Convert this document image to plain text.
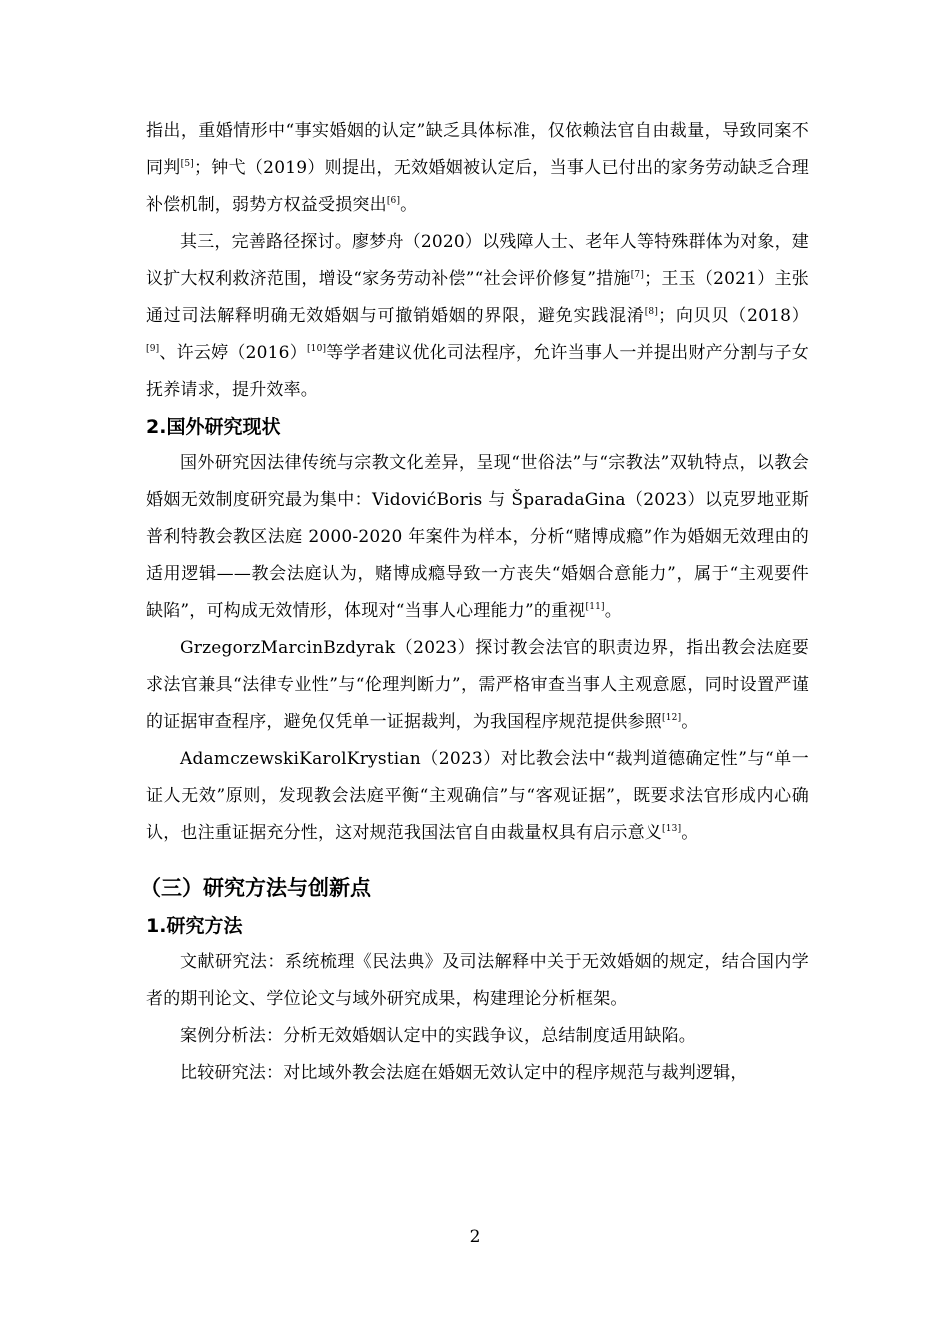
指出，重婚情形中“事实婚姻的认定”缺乏具体标准，仅依赖法官自由裁量，导致同案不同判[5]；钟弋（2019）则提出，无效婚姻被认定后，当事人已付出的家务劳动缺乏合理补偿机制，弱势方权益受损突出[6]。

其三，完善路径探讨。廖梦舟（2020）以残障人士、老年人等特殊群体为对象，建议扩大权利救济范围，增设“家务劳动补偿”“社会评价修复”措施[7]；王玉（2021）主张通过司法解释明确无效婚姻与可撤销婚姻的界限，避免实践混淆[8]；向贝贝（2018）[9]、许云婷（2016）[10]等学者建议优化司法程序，允许当事人一并提出财产分割与子女抚养请求，提升效率。

2.国外研究现状

国外研究因法律传统与宗教文化差异，呈现“世俗法”与“宗教法”双轨特点，以教会婚姻无效制度研究最为集中：VidovićBoris 与 ŠparadaGina（2023）以克罗地亚斯普利特教会教区法庭 2000-2020 年案件为样本，分析“赌博成瘾”作为婚姻无效理由的适用逻辑——教会法庭认为，赌博成瘾导致一方丧失“婚姻合意能力”，属于“主观要件缺陷”，可构成无效情形，体现对“当事人心理能力”的重视[11]。

GrzegorzMarcinBzdyrak（2023）探讨教会法官的职责边界，指出教会法庭要求法官兼具“法律专业性”与“伦理判断力”，需严格审查当事人主观意愿，同时设置严谨的证据审查程序，避免仅凭单一证据裁判，为我国程序规范提供参照[12]。

AdamczewskiKarolKrystian（2023）对比教会法中“裁判道德确定性”与“单一证人无效”原则，发现教会法庭平衡“主观确信”与“客观证据”，既要求法官形成内心确认，也注重证据充分性，这对规范我国法官自由裁量权具有启示意义[13]。

（三）研究方法与创新点
1.研究方法

文献研究法：系统梳理《民法典》及司法解释中关于无效婚姻的规定，结合国内学者的期刊论文、学位论文与域外研究成果，构建理论分析框架。

案例分析法：分析无效婚姻认定中的实践争议，总结制度适用缺陷。

比较研究法：对比域外教会法庭在婚姻无效认定中的程序规范与裁判逻辑，

2
